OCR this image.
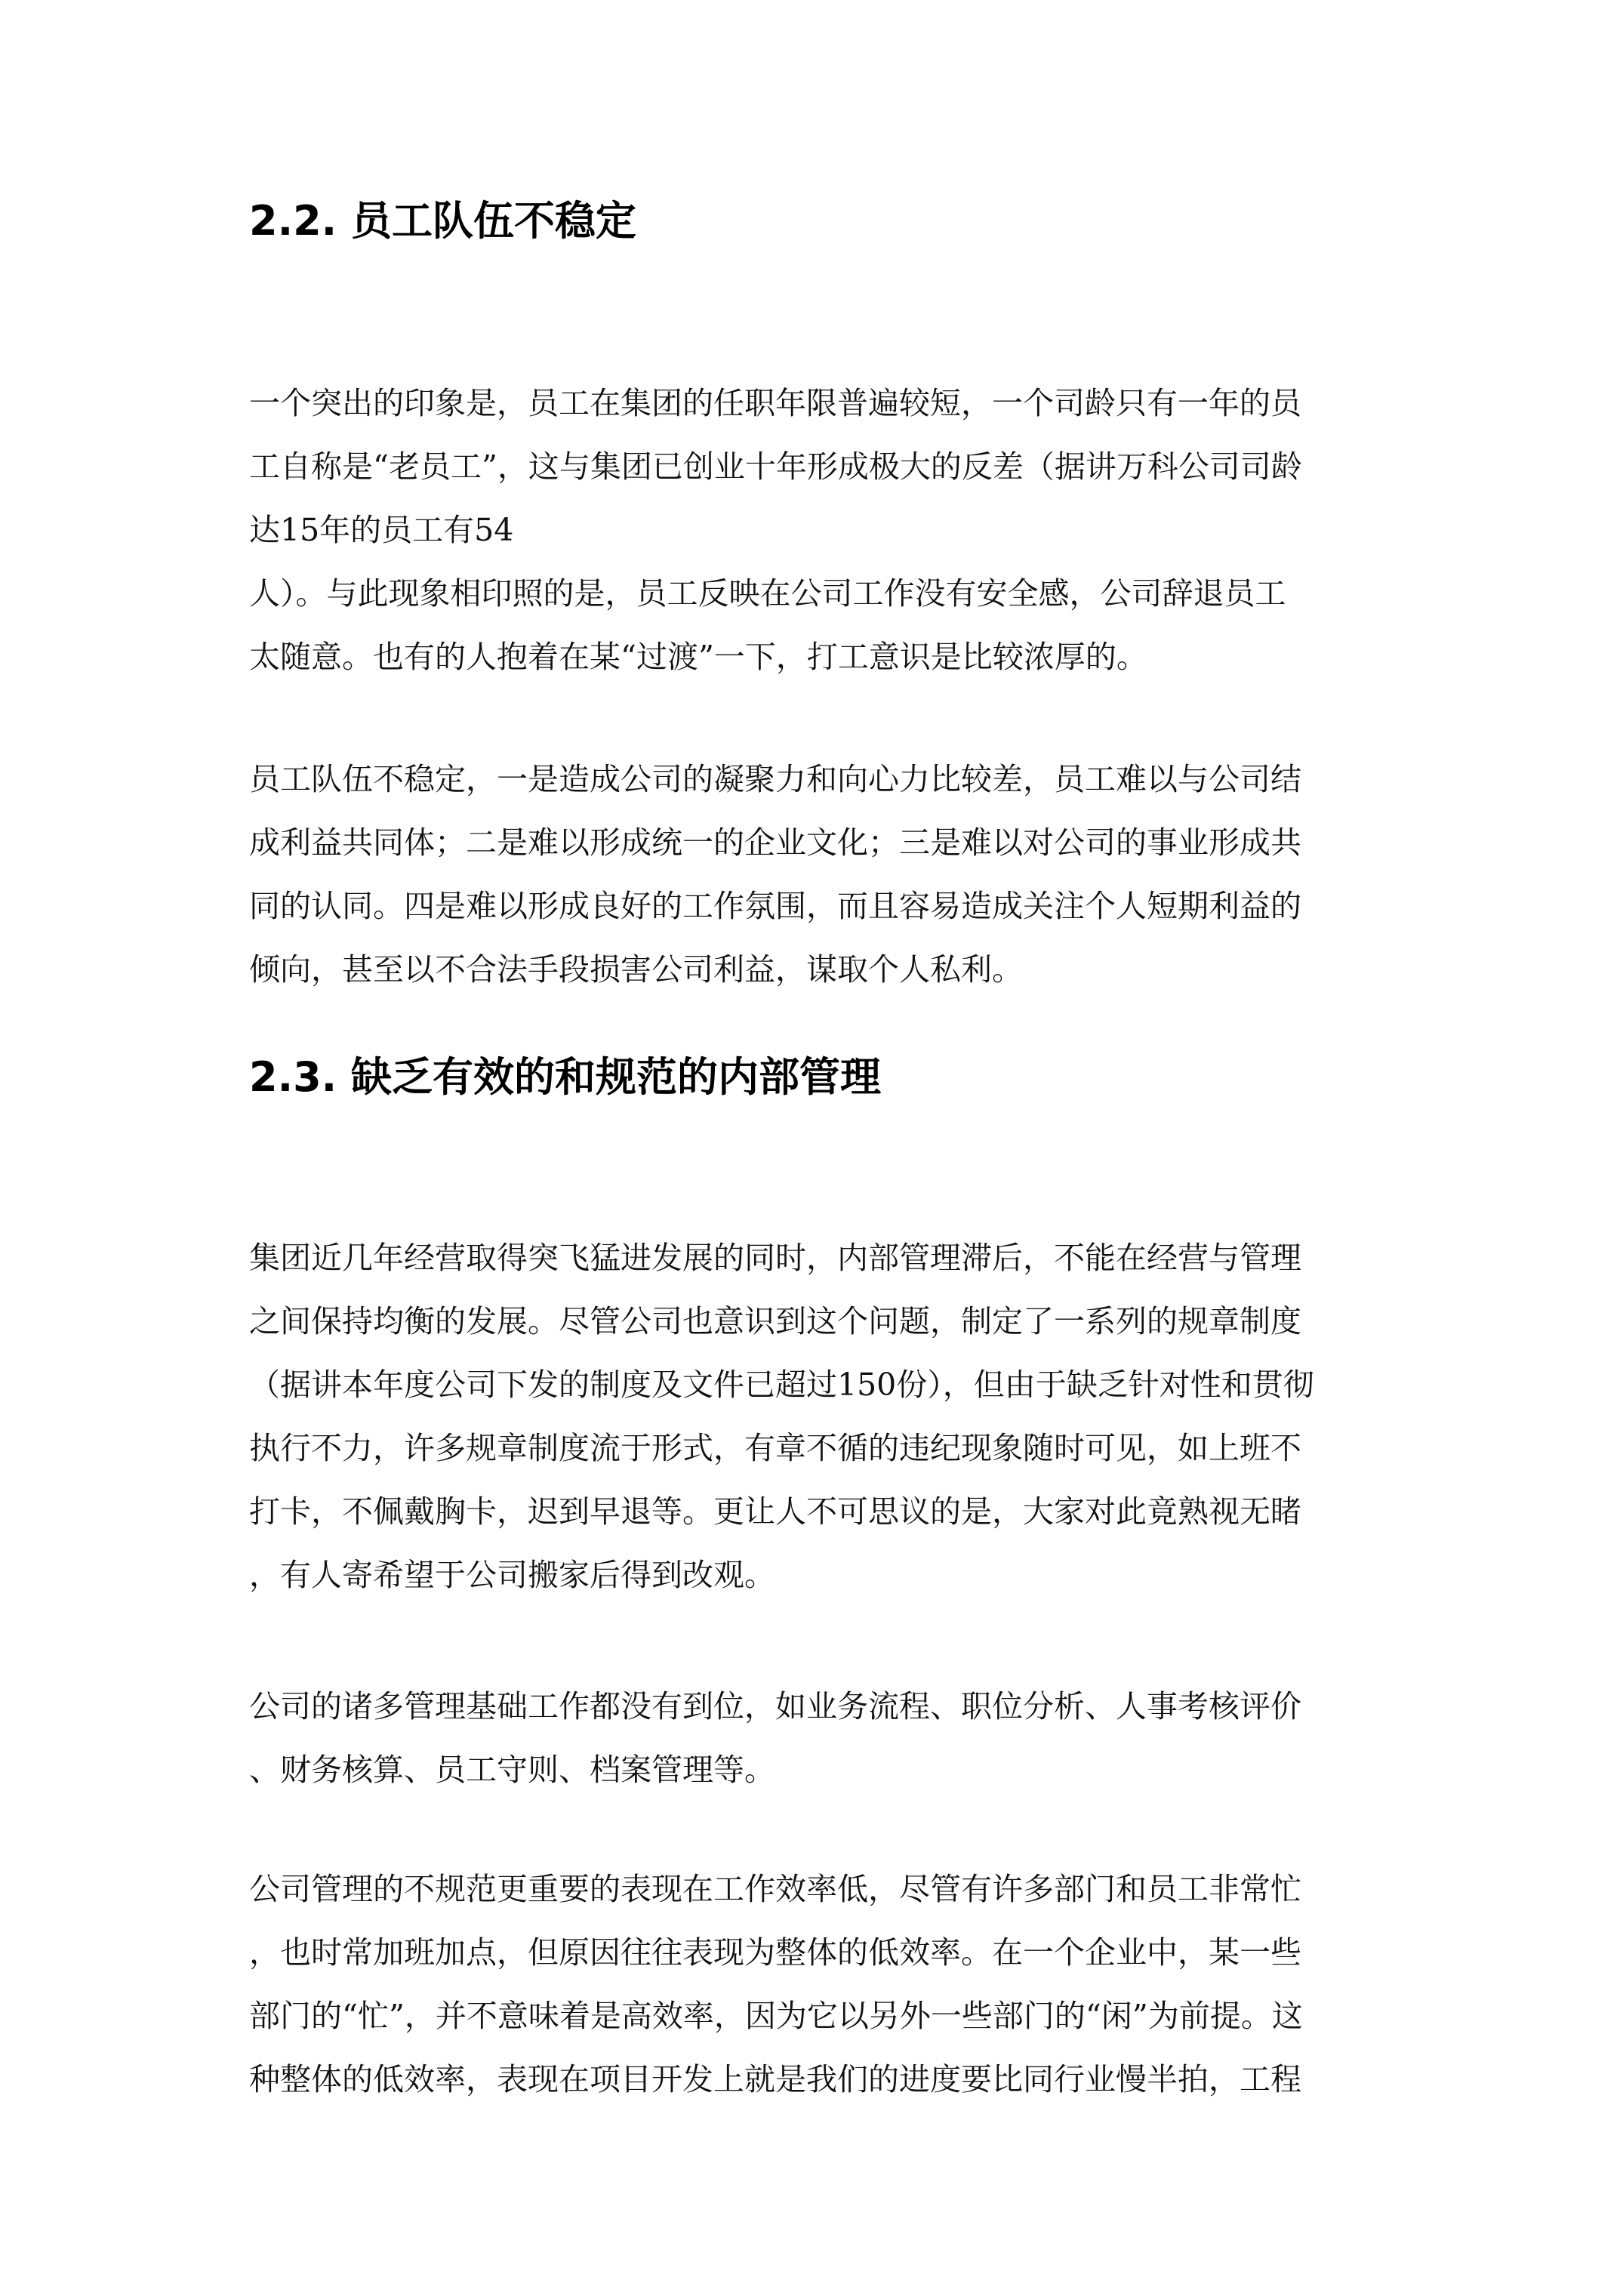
2.2. 员工队伍不稳定
一个突出的印象是，员工在集团的任职年限普遍较短，一个司龄只有一年的员
工自称是“老员工”，这与集团已创业十年形成极大的反差（据讲万科公司司龄
达15年的员工有54
人）。与此现象相印照的是，员工反映在公司工作没有安全感，公司辞退员工
太随意。也有的人抱着在某“过渡”一下，打工意识是比较浓厚的。
员工队伍不稳定，一是造成公司的凝聚力和向心力比较差，员工难以与公司结
成利益共同体；二是难以形成统一的企业文化；三是难以对公司的事业形成共
同的认同。四是难以形成良好的工作氛围，而且容易造成关注个人短期利益的
倾向，甚至以不合法手段损害公司利益，谋取个人私利。
2.3. 缺乏有效的和规范的内部管理
集团近几年经营取得突飞猛进发展的同时，内部管理滞后，不能在经营与管理
之间保持均衡的发展。尽管公司也意识到这个问题，制定了一系列的规章制度
（据讲本年度公司下发的制度及文件已超过150份），但由于缺乏针对性和贯彻
执行不力，许多规章制度流于形式，有章不循的违纪现象随时可见，如上班不
打卡，不佩戴胸卡，迟到早退等。更让人不可思议的是，大家对此竟熟视无睹
，有人寄希望于公司搬家后得到改观。
公司的诸多管理基础工作都没有到位，如业务流程、职位分析、人事考核评价
、财务核算、员工守则、档案管理等。
公司管理的不规范更重要的表现在工作效率低，尽管有许多部门和员工非常忙
，也时常加班加点，但原因往往表现为整体的低效率。在一个企业中，某一些
部门的“忙”，并不意味着是高效率，因为它以另外一些部门的“闲”为前提。这
种整体的低效率，表现在项目开发上就是我们的进度要比同行业慢半拍，工程
